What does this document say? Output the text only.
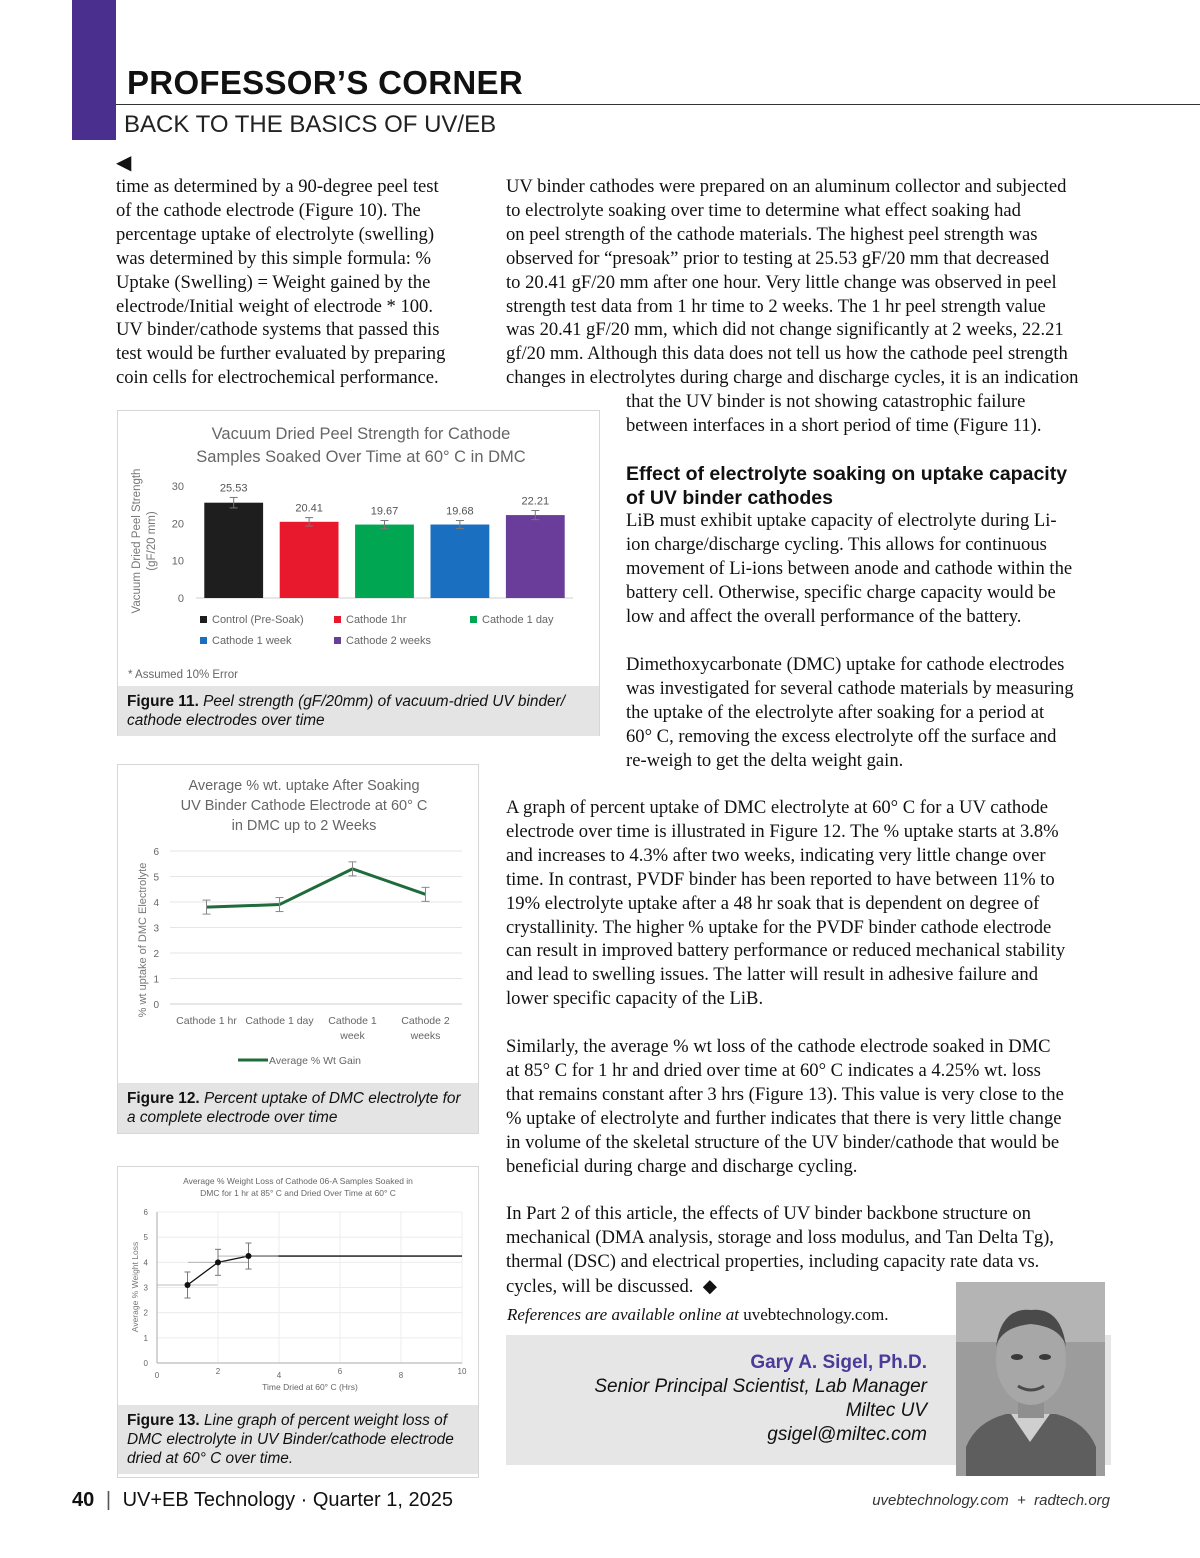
PROFESSOR’S CORNER
BACK TO THE BASICS OF UV/EB
◀

time as determined by a 90-degree peel test

of the cathode electrode (Figure 10). The

percentage uptake of electrolyte (swelling)

was determined by this simple formula: %

Uptake (Swelling) = Weight gained by the

electrode/Initial weight of electrode * 100.

UV binder/cathode systems that passed this

test would be further evaluated by preparing

coin cells for electrochemical performance.

UV binder cathodes were prepared on an aluminum collector and subjected

to electrolyte soaking over time to determine what effect soaking had

on peel strength of the cathode materials. The highest peel strength was

observed for “presoak” prior to testing at 25.53 gF/20 mm that decreased

to 20.41 gF/20 mm after one hour. Very little change was observed in peel

strength test data from 1 hr time to 2 weeks. The 1 hr peel strength value

was 20.41 gF/20 mm, which did not change significantly at 2 weeks, 22.21

gf/20 mm. Although this data does not tell us how the cathode peel strength

changes in electrolytes during charge and discharge cycles, it is an indication

that the UV binder is not showing catastrophic failure

between interfaces in a short period of time (Figure 11).

Effect of electrolyte soaking on uptake capacity
of UV binder cathodes

LiB must exhibit uptake capacity of electrolyte during Li-

ion charge/discharge cycling. This allows for continuous

movement of Li-ions between anode and cathode within the

battery cell. Otherwise, specific charge capacity would be

low and affect the overall performance of the battery.

Dimethoxycarbonate (DMC) uptake for cathode electrodes

was investigated for several cathode materials by measuring

the uptake of the electrolyte after soaking for a period at

60° C, removing the excess electrolyte off the surface and

re-weigh to get the delta weight gain.

A graph of percent uptake of DMC electrolyte at 60° C for a UV cathode

electrode over time is illustrated in Figure 12. The % uptake starts at 3.8%

and increases to 4.3% after two weeks, indicating very little change over

time. In contrast, PVDF binder has been reported to have between 11% to

19% electrolyte uptake after a 48 hr soak that is dependent on degree of

crystallinity. The higher % uptake for the PVDF binder cathode electrode

can result in improved battery performance or reduced mechanical stability

and lead to swelling issues. The latter will result in adhesive failure and

lower specific capacity of the LiB.

Similarly, the average % wt loss of the cathode electrode soaked in DMC

at 85° C for 1 hr and dried over time at 60° C indicates a 4.25% wt. loss

that remains constant after 3 hrs (Figure 13). This value is very close to the

% uptake of electrolyte and further indicates that there is very little change

in volume of the skeletal structure of the UV binder/cathode that would be

beneficial during charge and discharge cycling.

In Part 2 of this article, the effects of UV binder backbone structure on

mechanical (DMA analysis, storage and loss modulus, and Tan Delta Tg),

thermal (DSC) and electrical properties, including capacity rate data vs.

cycles, will be discussed. ◆

References are available online at uvebtechnology.com.
Gary A. Sigel, Ph.D.
Senior Principal Scientist, Lab Manager
Miltec UV
gsigel@miltec.com
Vacuum Dried Peel Strength for Cathode
Samples Soaked Over Time at 60° C in DMC
0
10
20
30
Vacuum Dried Peel Strength (gF/20 mm)
25.53
20.41	19.67	19.68
22.21
Control (Pre-Soak)	Cathode 1hr	Cathode 1 day
Cathode 1 week	Cathode 2 weeks
* Assumed 10% Error
Figure 11. Peel strength (gF/20mm) of vacuum-dried UV binder/ cathode electrodes over time
Average % wt. uptake After Soaking
UV Binder Cathode Electrode at 60° C
in DMC up to 2 Weeks
0
1
2
3
4
5
6
% wt uptake of DMC Electrolyte
Cathode 1 hr Cathode 1 day Cathode 1
week
Cathode 2
weeks
Average % Wt Gain
Figure 12. Percent uptake of DMC electrolyte for a complete electrode over time
Average % Weight Loss of Cathode 06-A Samples Soaked in
DMC for 1 hr at 85° C and Dried Over Time at 60° C
0
1
2
3
4
5
6
0	2	4	6	8	10
Time Dried at 60° C (Hrs)
Average % Weight Loss
Figure 13. Line graph of percent weight loss of DMC electrolyte in UV Binder/cathode electrode dried at 60° C over time.
40 | UV+EB Technology · Quarter 1, 2025	uvebtechnology.com  +  radtech.org
